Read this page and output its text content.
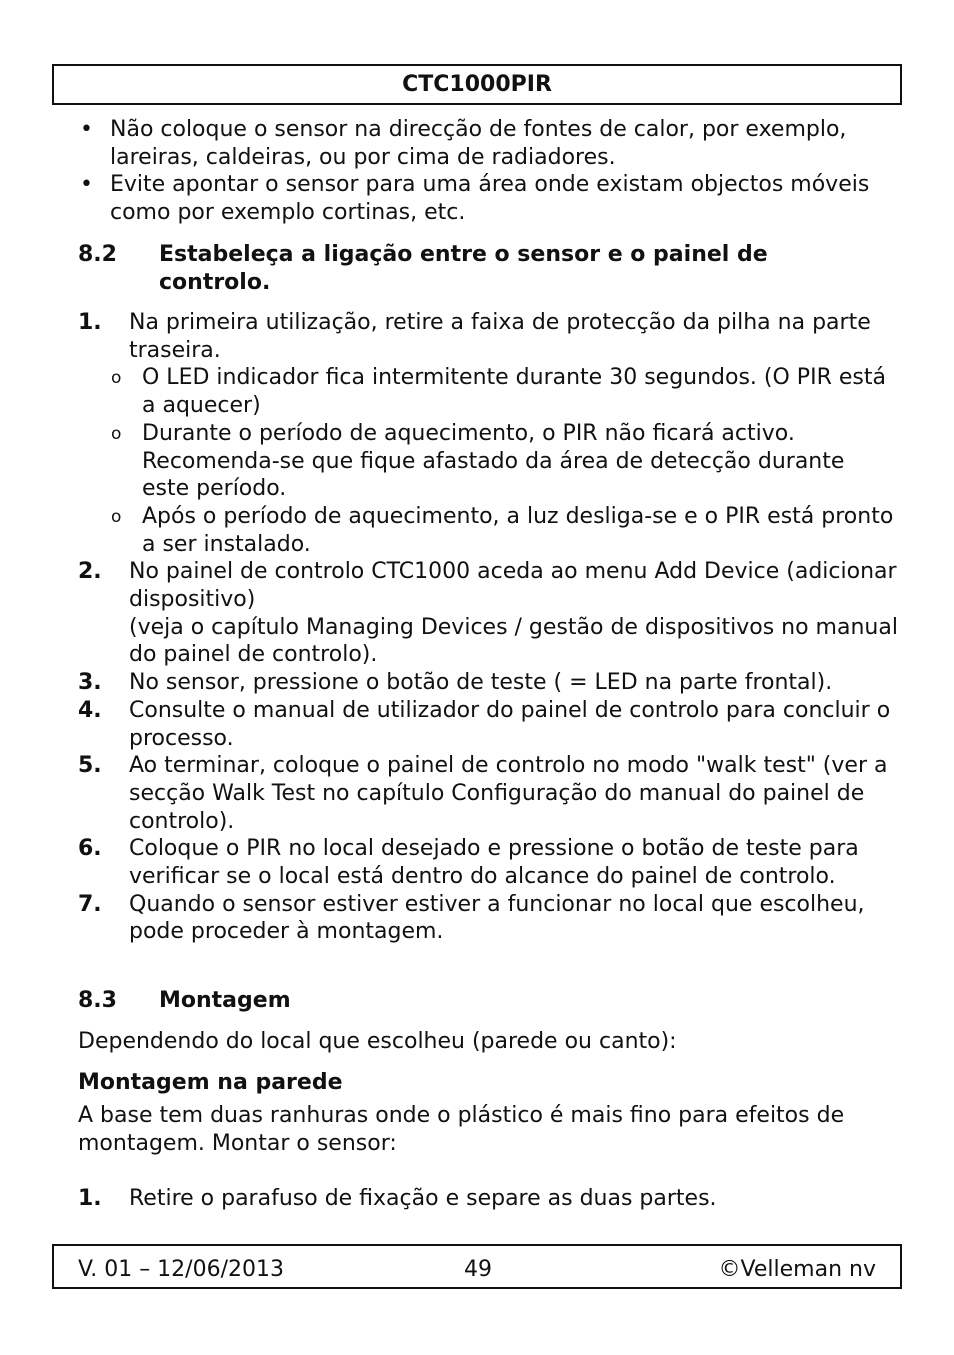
CTC1000PIR
• Não coloque o sensor na direcção de fontes de calor, por exemplo, lareiras, caldeiras, ou por cima de radiadores.
• Evite apontar o sensor para uma área onde existam objectos móveis como por exemplo cortinas, etc.
8.2	Estabeleça a ligação entre o sensor e o painel de controlo.
1. Na primeira utilização, retire a faixa de protecção da pilha na parte traseira.
o O LED indicador fica intermitente durante 30 segundos. (O PIR está a aquecer)
o Durante o período de aquecimento, o PIR não ficará activo. Recomenda-se que fique afastado da área de detecção durante este período.
o Após o período de aquecimento, a luz desliga-se e o PIR está pronto a ser instalado.
2. No painel de controlo CTC1000 aceda ao menu Add Device (adicionar dispositivo)
(veja o capítulo Managing Devices / gestão de dispositivos no manual do painel de controlo).
3. No sensor, pressione o botão de teste ( = LED na parte frontal).
4. Consulte o manual de utilizador do painel de controlo para concluir o processo.
5. Ao terminar, coloque o painel de controlo no modo "walk test" (ver a secção Walk Test no capítulo Configuração do manual do painel de controlo).
6. Coloque o PIR no local desejado e pressione o botão de teste para verificar se o local está dentro do alcance do painel de controlo.
7. Quando o sensor estiver estiver a funcionar no local que escolheu, pode proceder à montagem.
8.3	Montagem
Dependendo do local que escolheu (parede ou canto):
Montagem na parede
A base tem duas ranhuras onde o plástico é mais fino para efeitos de montagem. Montar o sensor:
1.	Retire o parafuso de fixação e separe as duas partes.
V. 01 – 12/06/2013	49	©Velleman nv
